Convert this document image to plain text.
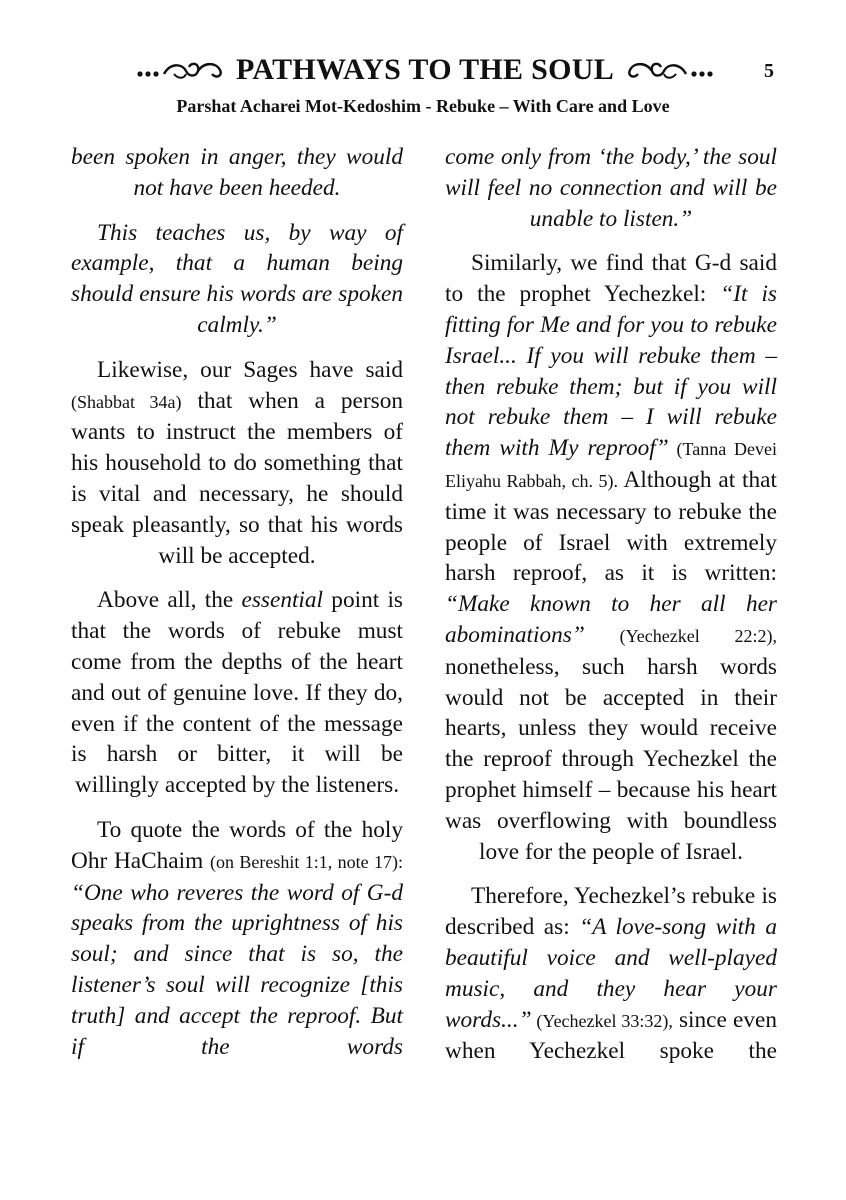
PATHWAYS TO THE SOUL	5
Parshat Acharei Mot-Kedoshim - Rebuke – With Care and Love

been spoken in anger, they would not have been heeded.

This teaches us, by way of example, that a human being should ensure his words are spoken calmly.”

Likewise, our Sages have said (Shabbat 34a) that when a person wants to instruct the members of his household to do something that is vital and necessary, he should speak pleasantly, so that his words will be accepted.

Above all, the essential point is that the words of rebuke must come from the depths of the heart and out of genuine love. If they do, even if the content of the message is harsh or bitter, it will be willingly accepted by the listeners.

To quote the words of the holy Ohr HaChaim (on Bereshit 1:1, note 17): “One who reveres the word of G-d speaks from the uprightness of his soul; and since that is so, the listener’s soul will recognize [this truth] and accept the reproof. But if the words

come only from ‘the body,’ the soul will feel no connection and will be unable to listen.”

Similarly, we find that G-d said to the prophet Yechezkel: “It is fitting for Me and for you to rebuke Israel... If you will rebuke them – then rebuke them; but if you will not rebuke them – I will rebuke them with My reproof” (Tanna Devei Eliyahu Rabbah, ch. 5). Although at that time it was necessary to rebuke the people of Israel with extremely harsh reproof, as it is written: “Make known to her all her abominations” (Yechezkel 22:2), nonetheless, such harsh words would not be accepted in their hearts, unless they would receive the reproof through Yechezkel the prophet himself – because his heart was overflowing with boundless love for the people of Israel.

Therefore, Yechezkel’s rebuke is described as: “A love-song with a beautiful voice and well-played music, and they hear your words...” (Yechezkel 33:32), since even when Yechezkel spoke the
